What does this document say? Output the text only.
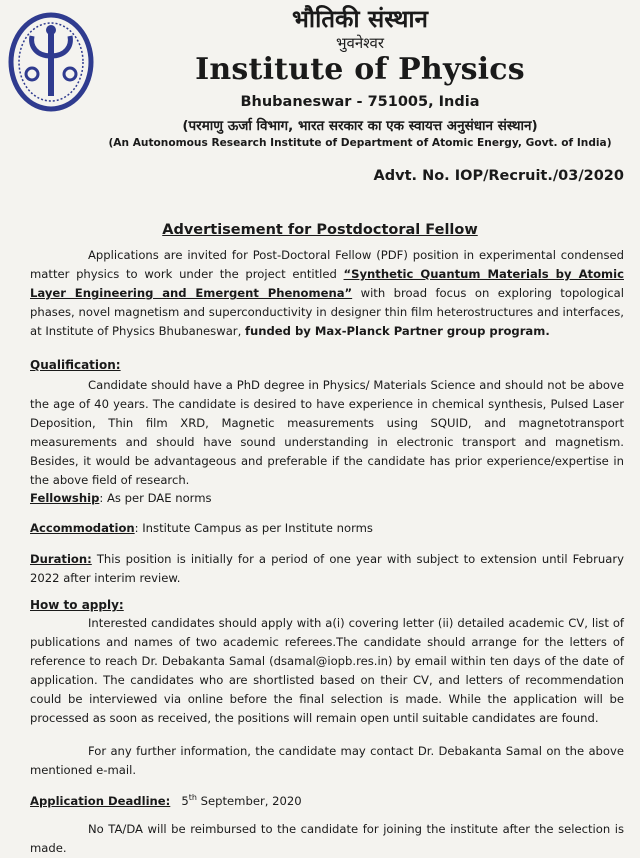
भौतिकी संस्थान
भुवनेश्वर
Institute of Physics
Bhubaneswar - 751005, India
(परमाणु ऊर्जा विभाग, भारत सरकार का एक स्वायत्त अनुसंधान संस्थान)
(An Autonomous Research Institute of Department of Atomic Energy, Govt. of India)
Advt. No. IOP/Recruit./03/2020
Advertisement for Postdoctoral Fellow

Applications are invited for Post-Doctoral Fellow (PDF) position in experimental condensed matter physics to work under the project entitled “Synthetic Quantum Materials by Atomic Layer Engineering and Emergent Phenomena” with broad focus on exploring topological phases, novel magnetism and superconductivity in designer thin film heterostructures and interfaces, at Institute of Physics Bhubaneswar, funded by Max-Planck Partner group program.

Qualification:

Candidate should have a PhD degree in Physics/ Materials Science and should not be above the age of 40 years. The candidate is desired to have experience in chemical synthesis, Pulsed Laser Deposition, Thin film XRD, Magnetic measurements using SQUID, and magnetotransport measurements and should have sound understanding in electronic transport and magnetism. Besides, it would be advantageous and preferable if the candidate has prior experience/expertise in the above field of research.

Fellowship: As per DAE norms
Accommodation: Institute Campus as per Institute norms

Duration: This position is initially for a period of one year with subject to extension until February 2022 after interim review.

How to apply:

Interested candidates should apply with a(i) covering letter (ii) detailed academic CV, list of publications and names of two academic referees.The candidate should arrange for the letters of reference to reach Dr. Debakanta Samal (dsamal@iopb.res.in) by email within ten days of the date of application. The candidates who are shortlisted based on their CV, and letters of recommendation could be interviewed via online before the final selection is made. While the application will be processed as soon as received, the positions will remain open until suitable candidates are found.

For any further information, the candidate may contact Dr. Debakanta Samal on the above mentioned e-mail.

Application Deadline: 5th September, 2020

No TA/DA will be reimbursed to the candidate for joining the institute after the selection is made.
